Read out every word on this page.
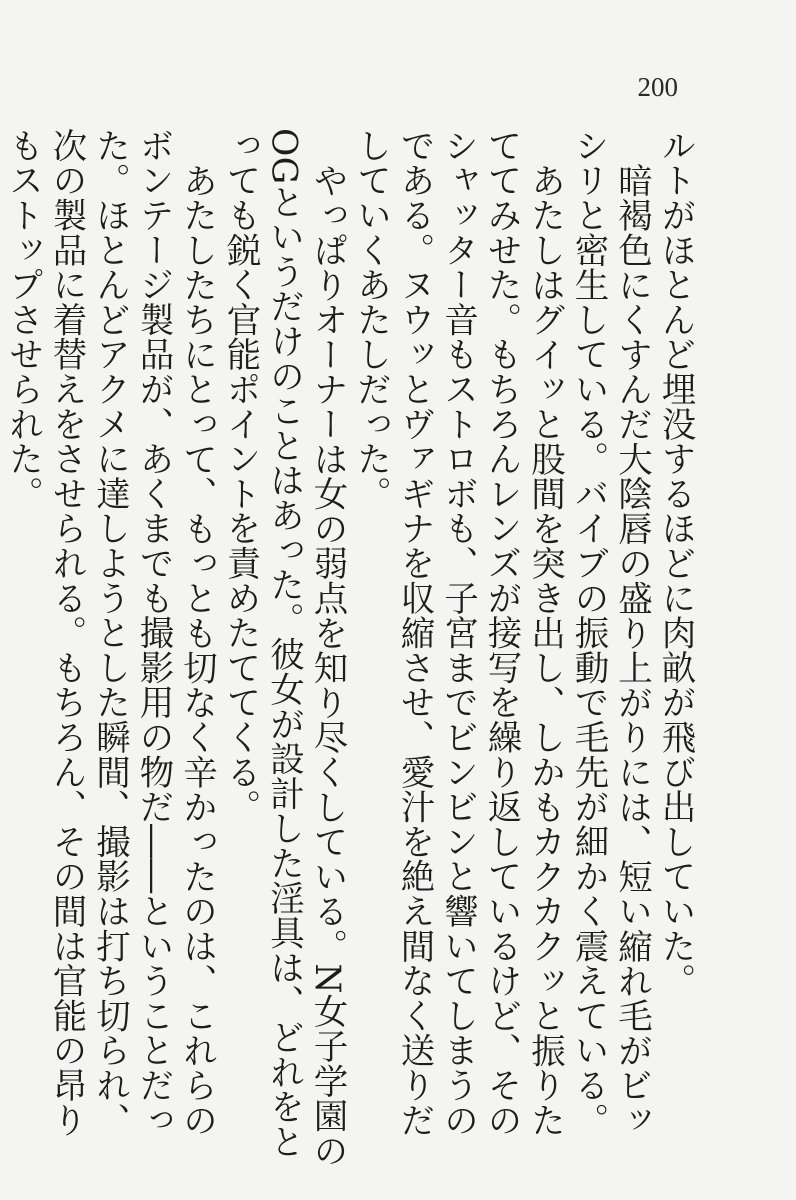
200

ルトがほとんど埋没するほどに肉畝が飛び出していた。

暗褐色にくすんだ大陰唇の盛り上がりには、短い縮れ毛がビッシリと密生している。バイブの振動で毛先が細かく震えている。

あたしはグイッと股間を突き出し、しかもカクカクッと振りたててみせた。もちろんレンズが接写を繰り返しているけど、そのシャッター音もストロボも、子宮までビンビンと響いてしまうのである。ヌウッとヴァギナを収縮させ、愛汁を絶え間なく送りだしていくあたしだった。

やっぱりオーナーは女の弱点を知り尽くしている。N女子学園のOGというだけのことはあった。彼女が設計した淫具は、どれをとっても鋭く官能ポイントを責めたててくる。

あたしたちにとって、もっとも切なく辛かったのは、これらのボンテージ製品が、あくまでも撮影用の物だ――ということだった。ほとんどアクメに達しようとした瞬間、撮影は打ち切られ、次の製品に着替えをさせられる。もちろん、その間は官能の昂りもストップさせられた。
